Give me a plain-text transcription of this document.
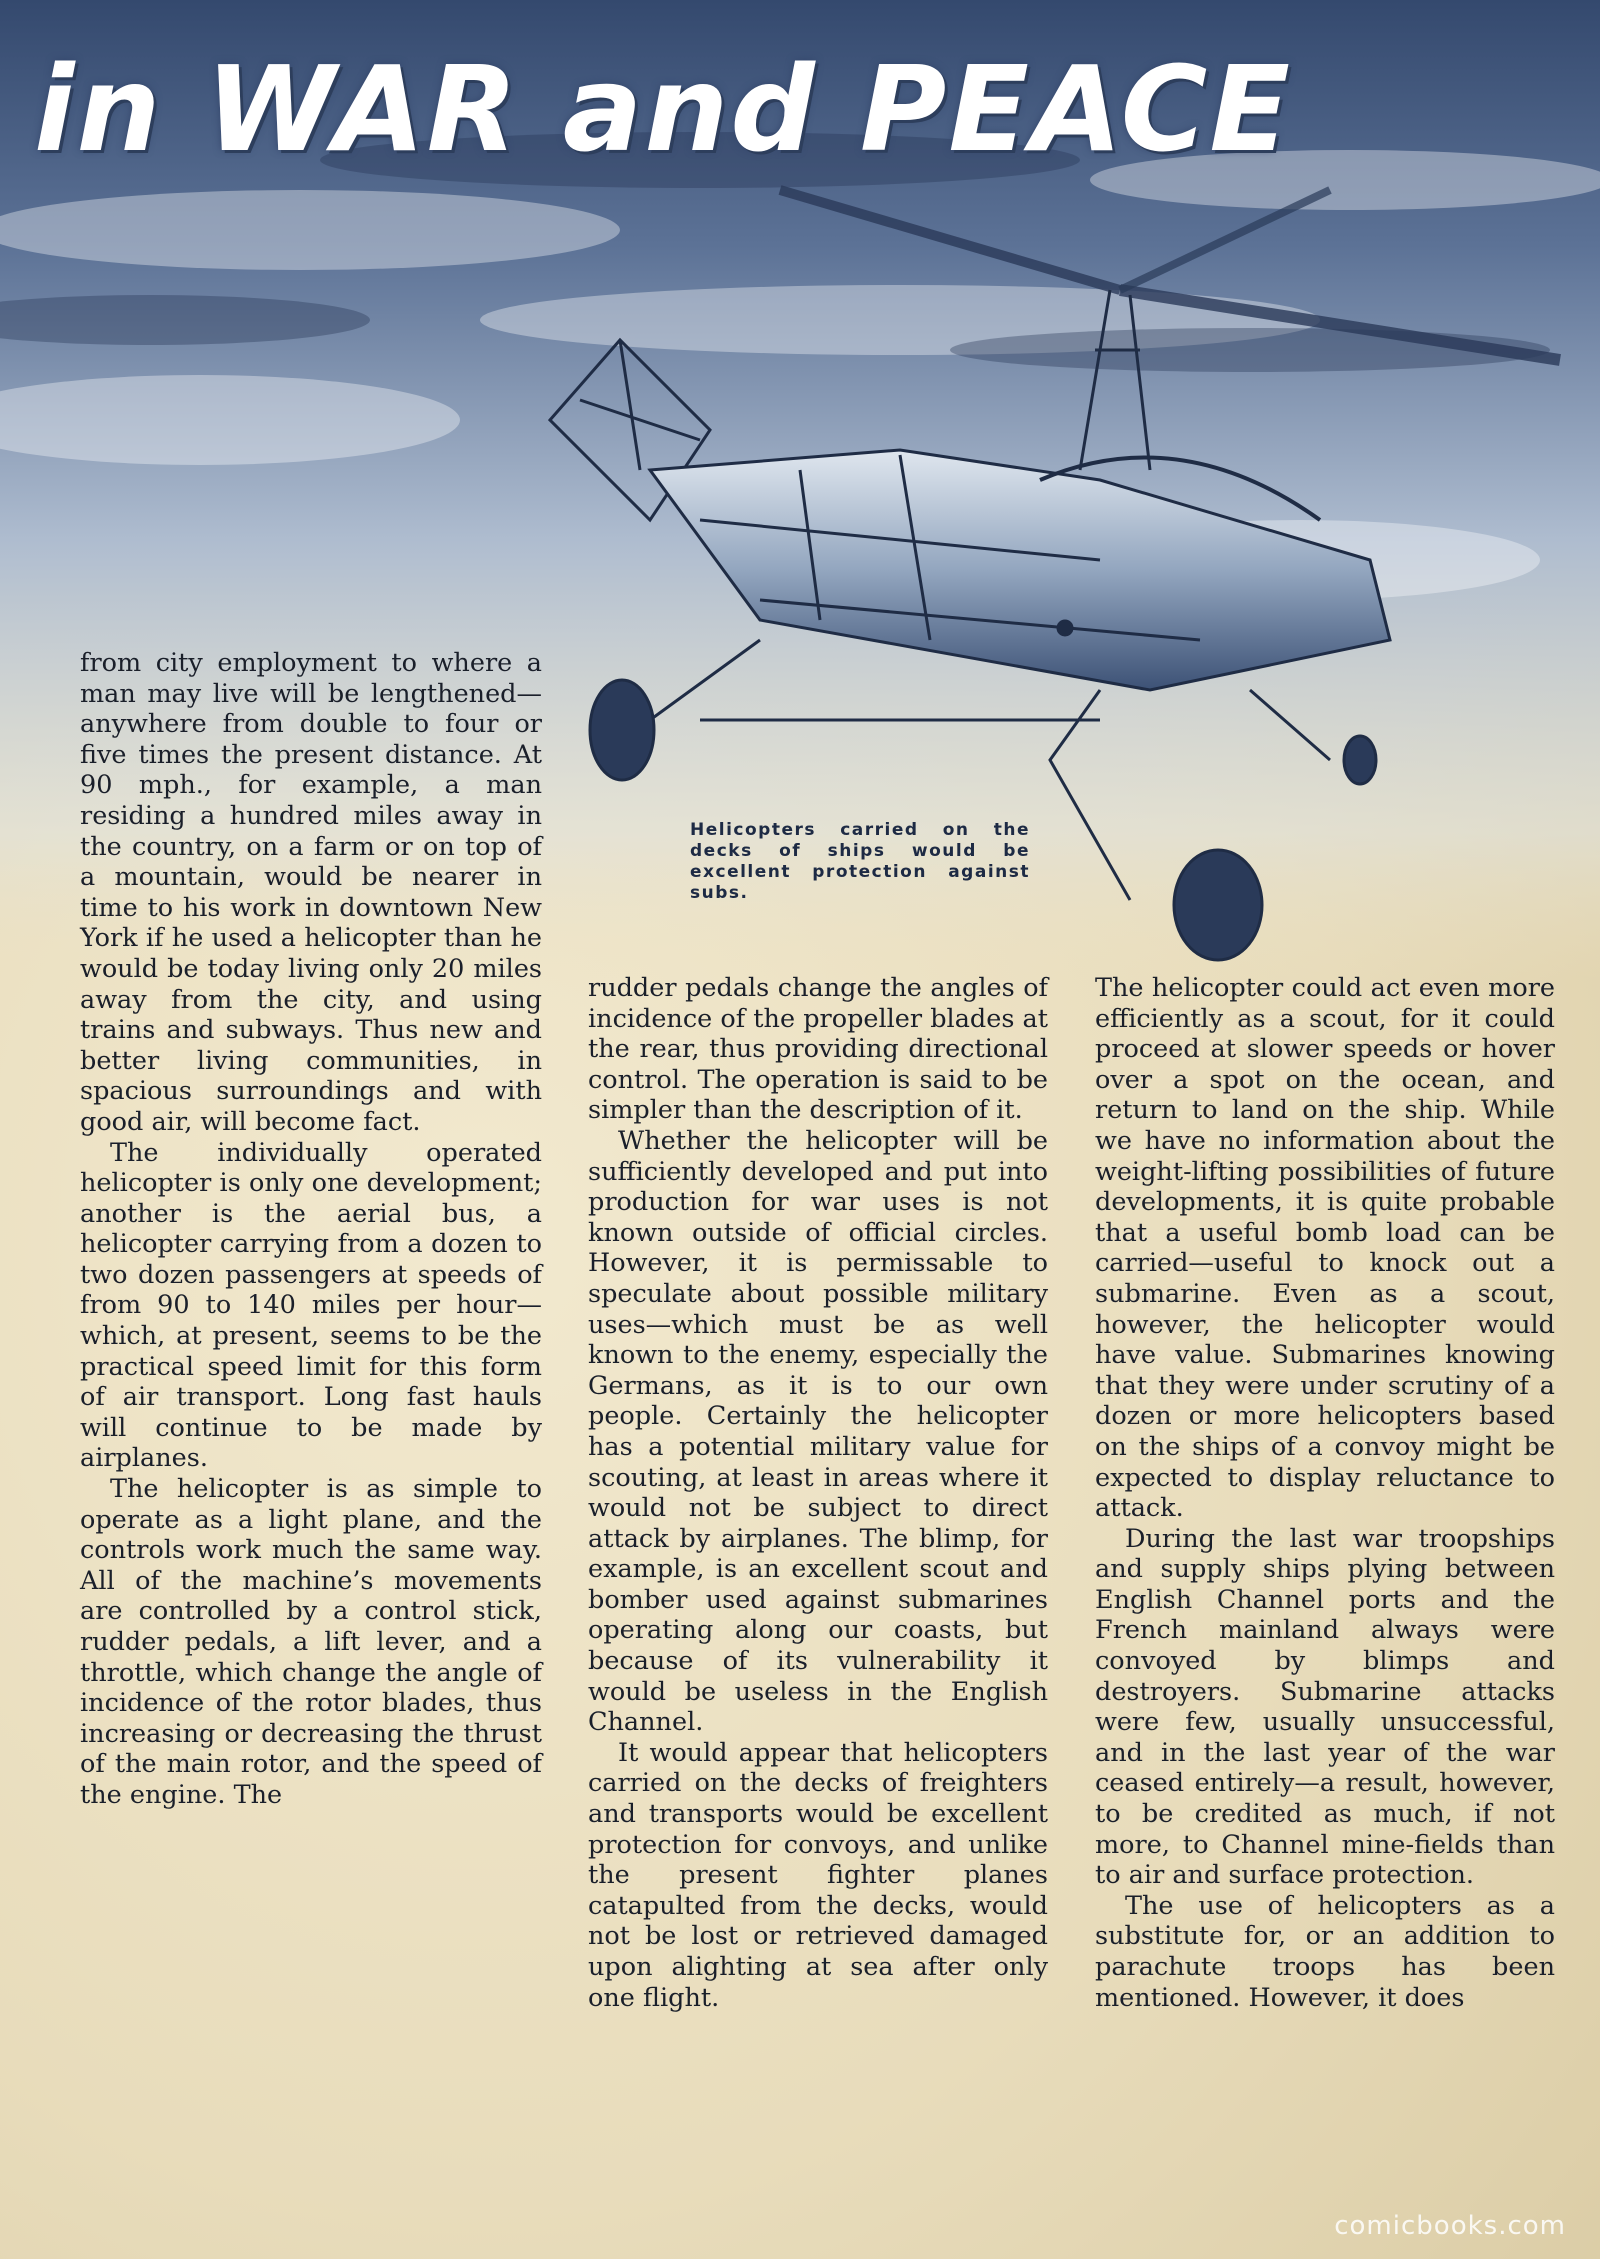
in WAR and PEACE
Helicopters carried on the decks of ships would be excellent protection against subs.

from city employment to where a man may live will be lengthened—anywhere from double to four or five times the present distance. At 90 mph., for example, a man residing a hundred miles away in the country, on a farm or on top of a mountain, would be nearer in time to his work in downtown New York if he used a helicopter than he would be today living only 20 miles away from the city, and using trains and subways. Thus new and better living communities, in spacious surroundings and with good air, will become fact.

The individually operated helicopter is only one development; another is the aerial bus, a helicopter carrying from a dozen to two dozen passengers at speeds of from 90 to 140 miles per hour—which, at present, seems to be the practical speed limit for this form of air transport. Long fast hauls will continue to be made by airplanes.

The helicopter is as simple to operate as a light plane, and the controls work much the same way. All of the machine’s movements are controlled by a control stick, rudder pedals, a lift lever, and a throttle, which change the angle of incidence of the rotor blades, thus increasing or decreasing the thrust of the main rotor, and the speed of the engine. The

rudder pedals change the angles of incidence of the propeller blades at the rear, thus providing directional control. The operation is said to be simpler than the description of it.

Whether the helicopter will be sufficiently developed and put into production for war uses is not known outside of official circles. However, it is permissable to speculate about possible military uses—which must be as well known to the enemy, especially the Germans, as it is to our own people. Certainly the helicopter has a potential military value for scouting, at least in areas where it would not be subject to direct attack by airplanes. The blimp, for example, is an excellent scout and bomber used against submarines operating along our coasts, but because of its vulnerability it would be useless in the English Channel.

It would appear that helicopters carried on the decks of freighters and transports would be excellent protection for convoys, and unlike the present fighter planes catapulted from the decks, would not be lost or retrieved damaged upon alighting at sea after only one flight.

The helicopter could act even more efficiently as a scout, for it could proceed at slower speeds or hover over a spot on the ocean, and return to land on the ship. While we have no information about the weight-lifting possibilities of future developments, it is quite probable that a useful bomb load can be carried—useful to knock out a submarine. Even as a scout, however, the helicopter would have value. Submarines knowing that they were under scrutiny of a dozen or more helicopters based on the ships of a convoy might be expected to display reluctance to attack.

During the last war troopships and supply ships plying between English Channel ports and the French mainland always were convoyed by blimps and destroyers. Submarine attacks were few, usually unsuccessful, and in the last year of the war ceased entirely—a result, however, to be credited as much, if not more, to Channel mine-fields than to air and surface protection.

The use of helicopters as a substitute for, or an addition to parachute troops has been mentioned. However, it does

comicbooks.com
